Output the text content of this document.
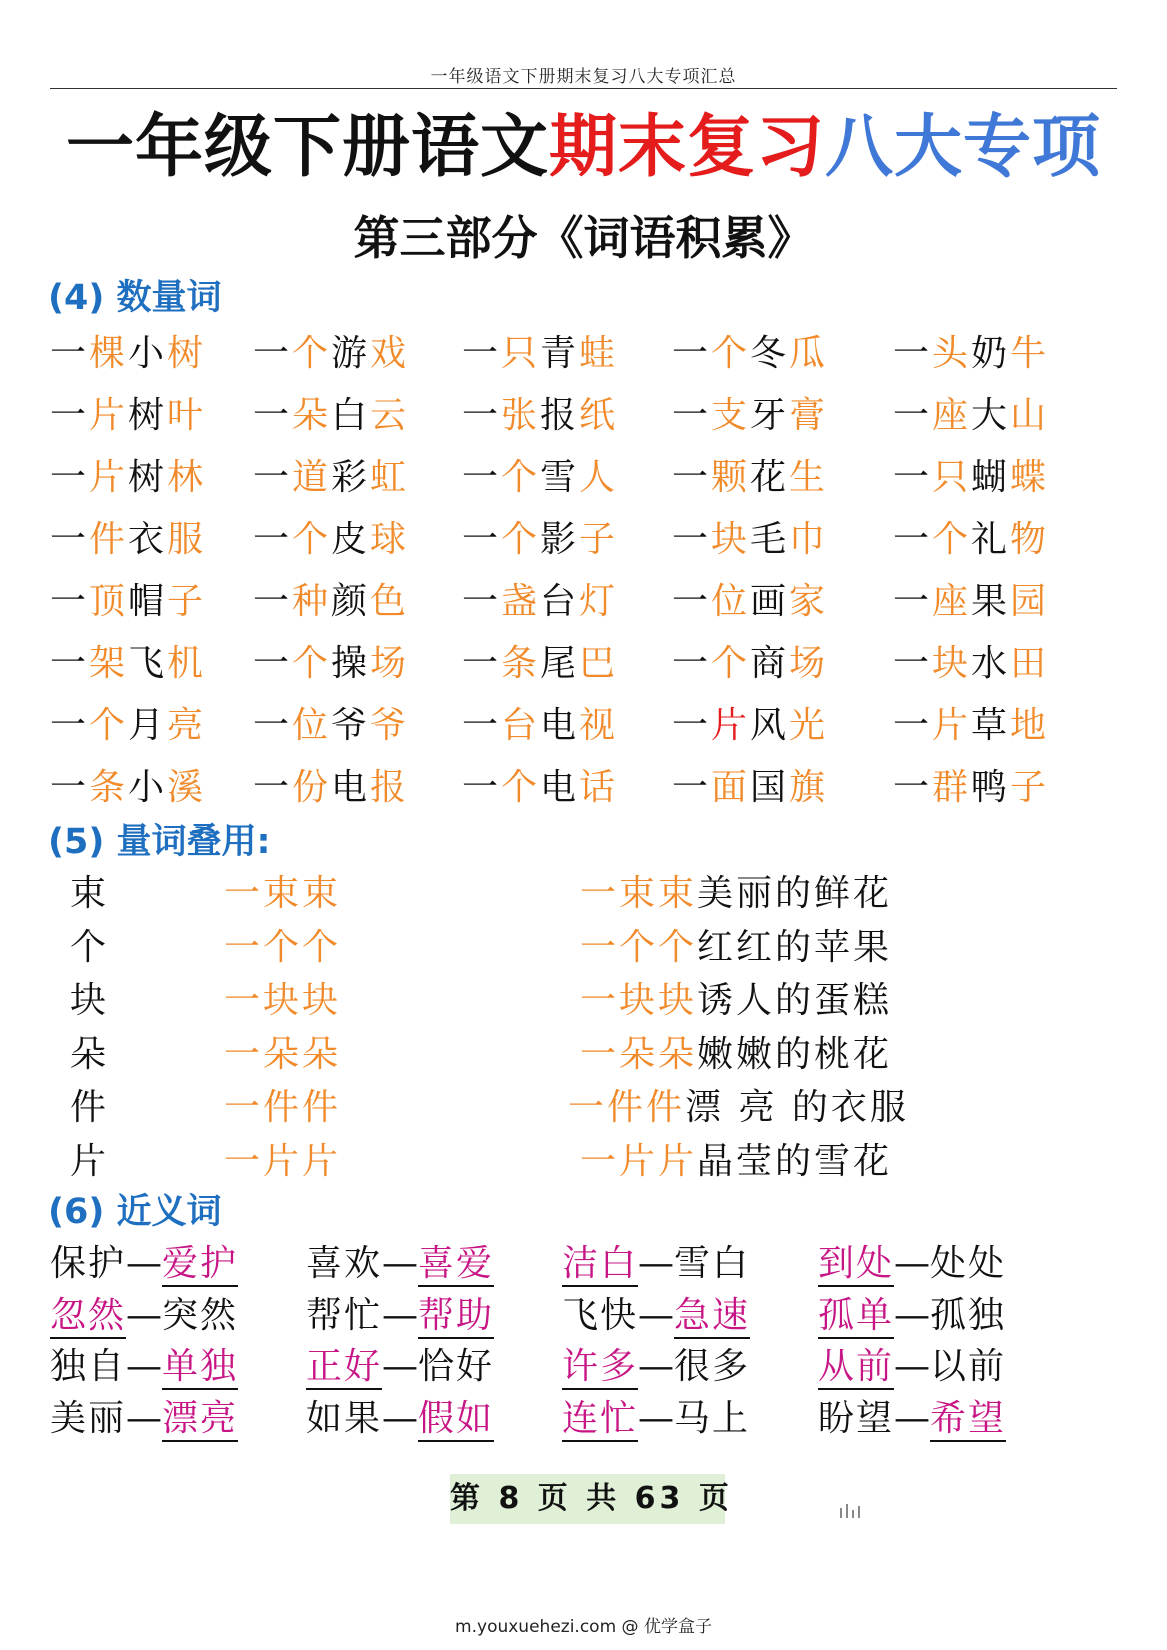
一年级语文下册期末复习八大专项汇总
一年级下册语文期末复习八大专项
第三部分《词语积累》
(4) 数量词
一棵小树 一个游戏 一只青蛙 一个冬瓜 一头奶牛
一片树叶 一朵白云 一张报纸 一支牙膏 一座大山
一片树林 一道彩虹 一个雪人 一颗花生 一只蝴蝶
一件衣服 一个皮球 一个影子 一块毛巾 一个礼物
一顶帽子 一种颜色 一盏台灯 一位画家 一座果园
一架飞机 一个操场 一条尾巴 一个商场 一块水田
一个月亮 一位爷爷 一台电视 一片风光 一片草地
一条小溪 一份电报 一个电话 一面国旗 一群鸭子
(5) 量词叠用:
束	一束束	一束束美丽的鲜花
个	一个个	一个个红红的苹果
块	一块块	一块块诱人的蛋糕
朵	一朵朵	一朵朵嫩嫩的桃花
件	一件件	一件件漂 亮 的衣服
片	一片片	一片片晶莹的雪花
(6) 近义词
保护—爱护 喜欢—喜爱 洁白—雪白 到处—处处
忽然—突然 帮忙—帮助 飞快—急速 孤单—孤独
独自—单独 正好—恰好 许多—很多 从前—以前
美丽—漂亮 如果—假如 连忙—马上 盼望—希望
第 8 页 共 63 页
m.youxuehezi.com @ 优学盒子
